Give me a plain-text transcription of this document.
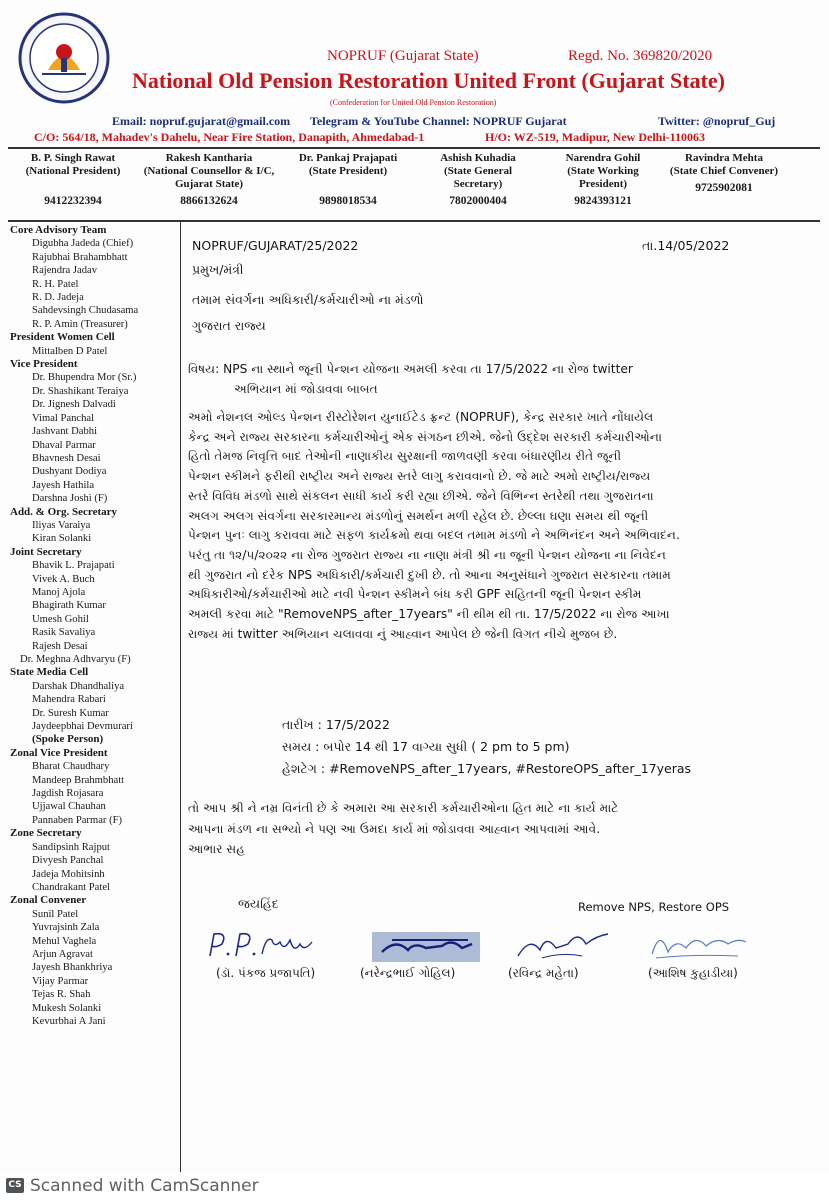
NOPRUF (Gujarat State)	Regd. No. 369820/2020
National Old Pension Restoration United Front (Gujarat State)
(Confederation for United Old Pension Restoration)
Email: nopruf.gujarat@gmail.com Telegram & YouTube Channel: NOPRUF Gujarat	Twitter: @nopruf_Guj
C/O: 564/18, Mahadev's Dahelu, Near Fire Station, Danapith, Ahmedabad-1	H/O: WZ-519, Madipur, New Delhi-110063
B. P. Singh Rawat
(National President)
9412232394
Rakesh Kantharia
(National Counsellor & I/C, Gujarat State)
8866132624
Dr. Pankaj Prajapati
(State President)
9898018534
Ashish Kuhadia
(State General Secretary)
7802000404
Narendra Gohil
(State Working President)
9824393121
Ravindra Mehta
(State Chief Convener)
9725902081
Core Advisory Team
Digubha Jadeda (Chief)
Rajubhai Brahambhatt
Rajendra Jadav
R. H. Patel
R. D. Jadeja
Sahdevsingh Chudasama
R. P. Amin (Treasurer)
President Women Cell
Mittalben D Patel
Vice President
Dr. Bhupendra Mor (Sr.)
Dr. Shashikant Teraiya
Dr. Jignesh Dalvadi
Vimal Panchal
Jashvant Dabhi
Dhaval Parmar
Bhavnesh Desai
Dushyant Dodiya
Jayesh Hathila
Darshna Joshi (F)
Add. & Org. Secretary
Iliyas Varaiya
Kiran Solanki
Joint Secretary
Bhavik L. Prajapati
Vivek A. Buch
Manoj Ajola
Bhagirath Kumar
Umesh Gohil
Rasik Savaliya
Rajesh Desai
Dr. Meghna Adhvaryu (F)
State Media Cell
Darshak Dhandhaliya
Mahendra Rabari
Dr. Suresh Kumar
Jaydeepbhai Devmurari
(Spoke Person)
Zonal Vice President
Bharat Chaudhary
Mandeep Brahmbhatt
Jagdish Rojasara
Ujjawal Chauhan
Pannaben Parmar (F)
Zone Secretary
Sandipsinh Rajput
Divyesh Panchal
Jadeja Mohitsinh
Chandrakant Patel
Zonal Convener
Sunil Patel
Yuvrajsinh Zala
Mehul Vaghela
Arjun Agravat
Jayesh Bhankhriya
Vijay Parmar
Tejas R. Shah
Mukesh Solanki
Kevurbhai A Jani
NOPRUF/GUJARAT/25/2022	તા.14/05/2022
પ્રમુખ/મંત્રી
તમામ સંવર્ગના અધિકારી/કર્મચારીઓ ના મંડળો
ગુજરાત રાજ્ય
વિષય: NPS ના સ્થાને જૂની પેન્શન યોજના અમલી કરવા તા 17/5/2022 ના રોજ twitter
અભિયાન માં જોડાવવા બાબત
અમો નેશનલ ઓલ્ડ પેન્શન રીસ્ટોરેશન યુનાઈટેડ ફ્રન્ટ (NOPRUF), કેન્દ્ર સરકાર ખાતે નોંધાયેલ
કેન્દ્ર અને રાજ્ય સરકારના કર્મચારીઓનું એક સંગઠન છીએ. જેનો ઉદ્દેશ સરકારી કર્મચારીઓના
હિતો તેમજ નિવૃત્તિ બાદ તેઓની નાણાકીય સુરક્ષાની જાળવણી કરવા બંધારણીય રીતે જૂની
પેન્શન સ્કીમને ફરીથી રાષ્ટ્રીય અને રાજ્ય સ્તરે લાગુ કરાવવાનો છે. જે માટે અમો રાષ્ટ્રીય/રાજ્ય
સ્તરે વિવિધ મંડળો સાથે સંકલન સાધી કાર્ય કરી રહ્યા છીએ. જેને વિભિન્ન સ્તરેથી તથા ગુજરાતના
અલગ અલગ સંવર્ગના સરકારમાન્ય મંડળોનું સમર્થન મળી રહેલ છે. છેલ્લા ઘણા સમય થી જૂની
પેન્શન પુનઃ લાગુ કરાવવા માટે સફળ કાર્યક્રમો થવા બદલ તમામ મંડળો ને અભિનંદન અને અભિવાદન.
પરંતુ તા ૧૨/૫/૨૦૨૨ ના રોજ ગુજરાત રાજ્ય ના નાણા મંત્રી શ્રી ના જૂની પેન્શન યોજના ના નિવેદન
થી ગુજરાત નો દરેક NPS અધિકારી/કર્મચારી દુખી છે. તો આના અનુસંધાને ગુજરાત સરકારના તમામ
અધિકારીઓ/કર્મચારીઓ માટે નવી પેન્શન સ્કીમને બંધ કરી GPF સહિતની જૂની પેન્શન સ્કીમ
અમલી કરવા માટે "RemoveNPS_after_17years" ની થીમ થી તા. 17/5/2022 ના રોજ આખા
રાજ્ય માં twitter અભિયાન ચલાવવા નું આહ્વાન આપેલ છે જેની વિગત નીચે મુજબ છે.
તારીખ : 17/5/2022
સમય : બપોર 14 થી 17 વાગ્યા સુધી ( 2 pm to 5 pm)
હેશટેગ : #RemoveNPS_after_17years, #RestoreOPS_after_17yeras
તો આપ શ્રી ને નમ્ર વિનંતી છે કે અમારા આ સરકારી કર્મચારીઓના હિત માટે ના કાર્ય માટે
આપના મંડળ ના સભ્યો ને પણ આ ઉમદા કાર્ય માં જોડાવવા આહ્વાન આપવામાં આવે.
આભાર સહ
જયહિંદ	Remove NPS, Restore OPS
(ડૉ. પંકજ પ્રજાપતિ)	(નરેન્દ્રભાઈ ગોહિલ)	(રવિન્દ્ર મહેતા)	(આશિષ કુહાડીયા)
CS Scanned with CamScanner
